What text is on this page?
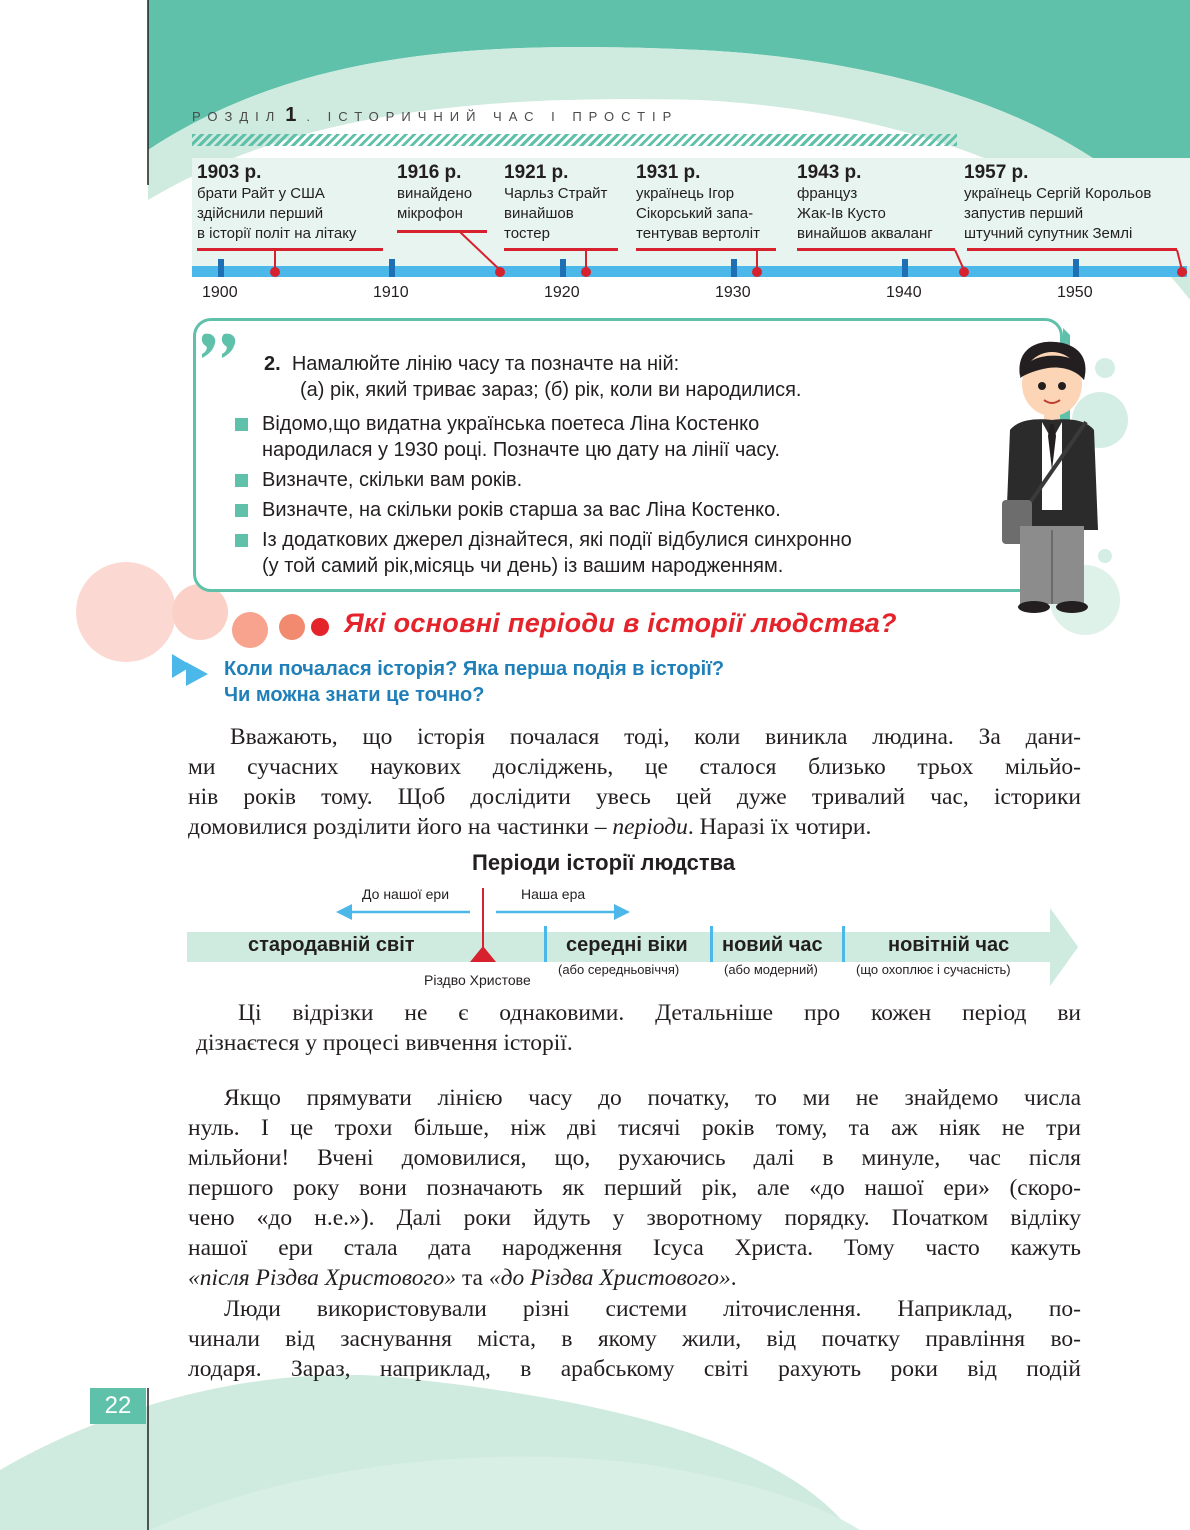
РОЗДІЛ 1 . ІСТОРИЧНИЙ ЧАС І ПРОСТІР
1903 р.
брати Райт у США
здійснили перший
в історії політ на літаку
1916 р.
винайдено
мікрофон
1921 р.
Чарльз Страйт
винайшов
тостер
1931 р.
українець Ігор
Сікорський запа-
тентував вертоліт
1943 р.
француз
Жак-Ів Кусто
винайшов акваланг
1957 р.
українець Сергій Корольов
запустив перший
штучний супутник Землі
1900	1910	1920	1930	1940	1950
2. Намалюйте лінію часу та позначте на ній:
(а) рік, який триває зараз; (б) рік, коли ви народилися.
Відомо,що видатна українська поетеса Ліна Костенко
народилася у 1930 році. Позначте цю дату на лінії часу.
Визначте, скільки вам років.
Визначте, на скільки років старша за вас Ліна Костенко.
Із додаткових джерел дізнайтеся, які події відбулися синхронно
(у той самий рік,місяць чи день) із вашим народженням.
Які основні періоди в історії людства?
Коли почалася історія? Яка перша подія в історії?
Чи можна знати це точно?
Вважають, що історія почалася тоді, коли виникла людина. За дани-
ми сучасних наукових досліджень, це сталося близько трьох мільйо-
нів років тому. Щоб дослідити увесь цей дуже тривалий час, історики
домовилися розділити його на частинки – періоди. Наразі їх чотири.
Періоди історії людства
До нашої ери	Наша ера
стародавній світ	середні віки новий час	новітній час
Різдво Христове
(або середньовіччя)	(або модерний)	(що охоплює і сучасність)
Ці відрізки не є однаковими. Детальніше про кожен період ви
дізнаєтеся у процесі вивчення історії.
Якщо прямувати лінією часу до початку, то ми не знайдемо числа
нуль. І це трохи більше, ніж дві тисячі років тому, та аж ніяк не три
мільйони! Вчені домовилися, що, рухаючись далі в минуле, час після
першого року вони позначають як перший рік, але «до нашої ери» (скоро-
чено «до н.е.»). Далі роки йдуть у зворотному порядку. Початком відліку
нашої ери стала дата народження Ісуса Христа. Тому часто кажуть
«після Різдва Христового» та «до Різдва Христового».
Люди використовували різні системи літочислення. Наприклад, по-
чинали від заснування міста, в якому жили, від початку правління во-
лодаря. Зараз, наприклад, в арабському світі рахують роки від подій
22
